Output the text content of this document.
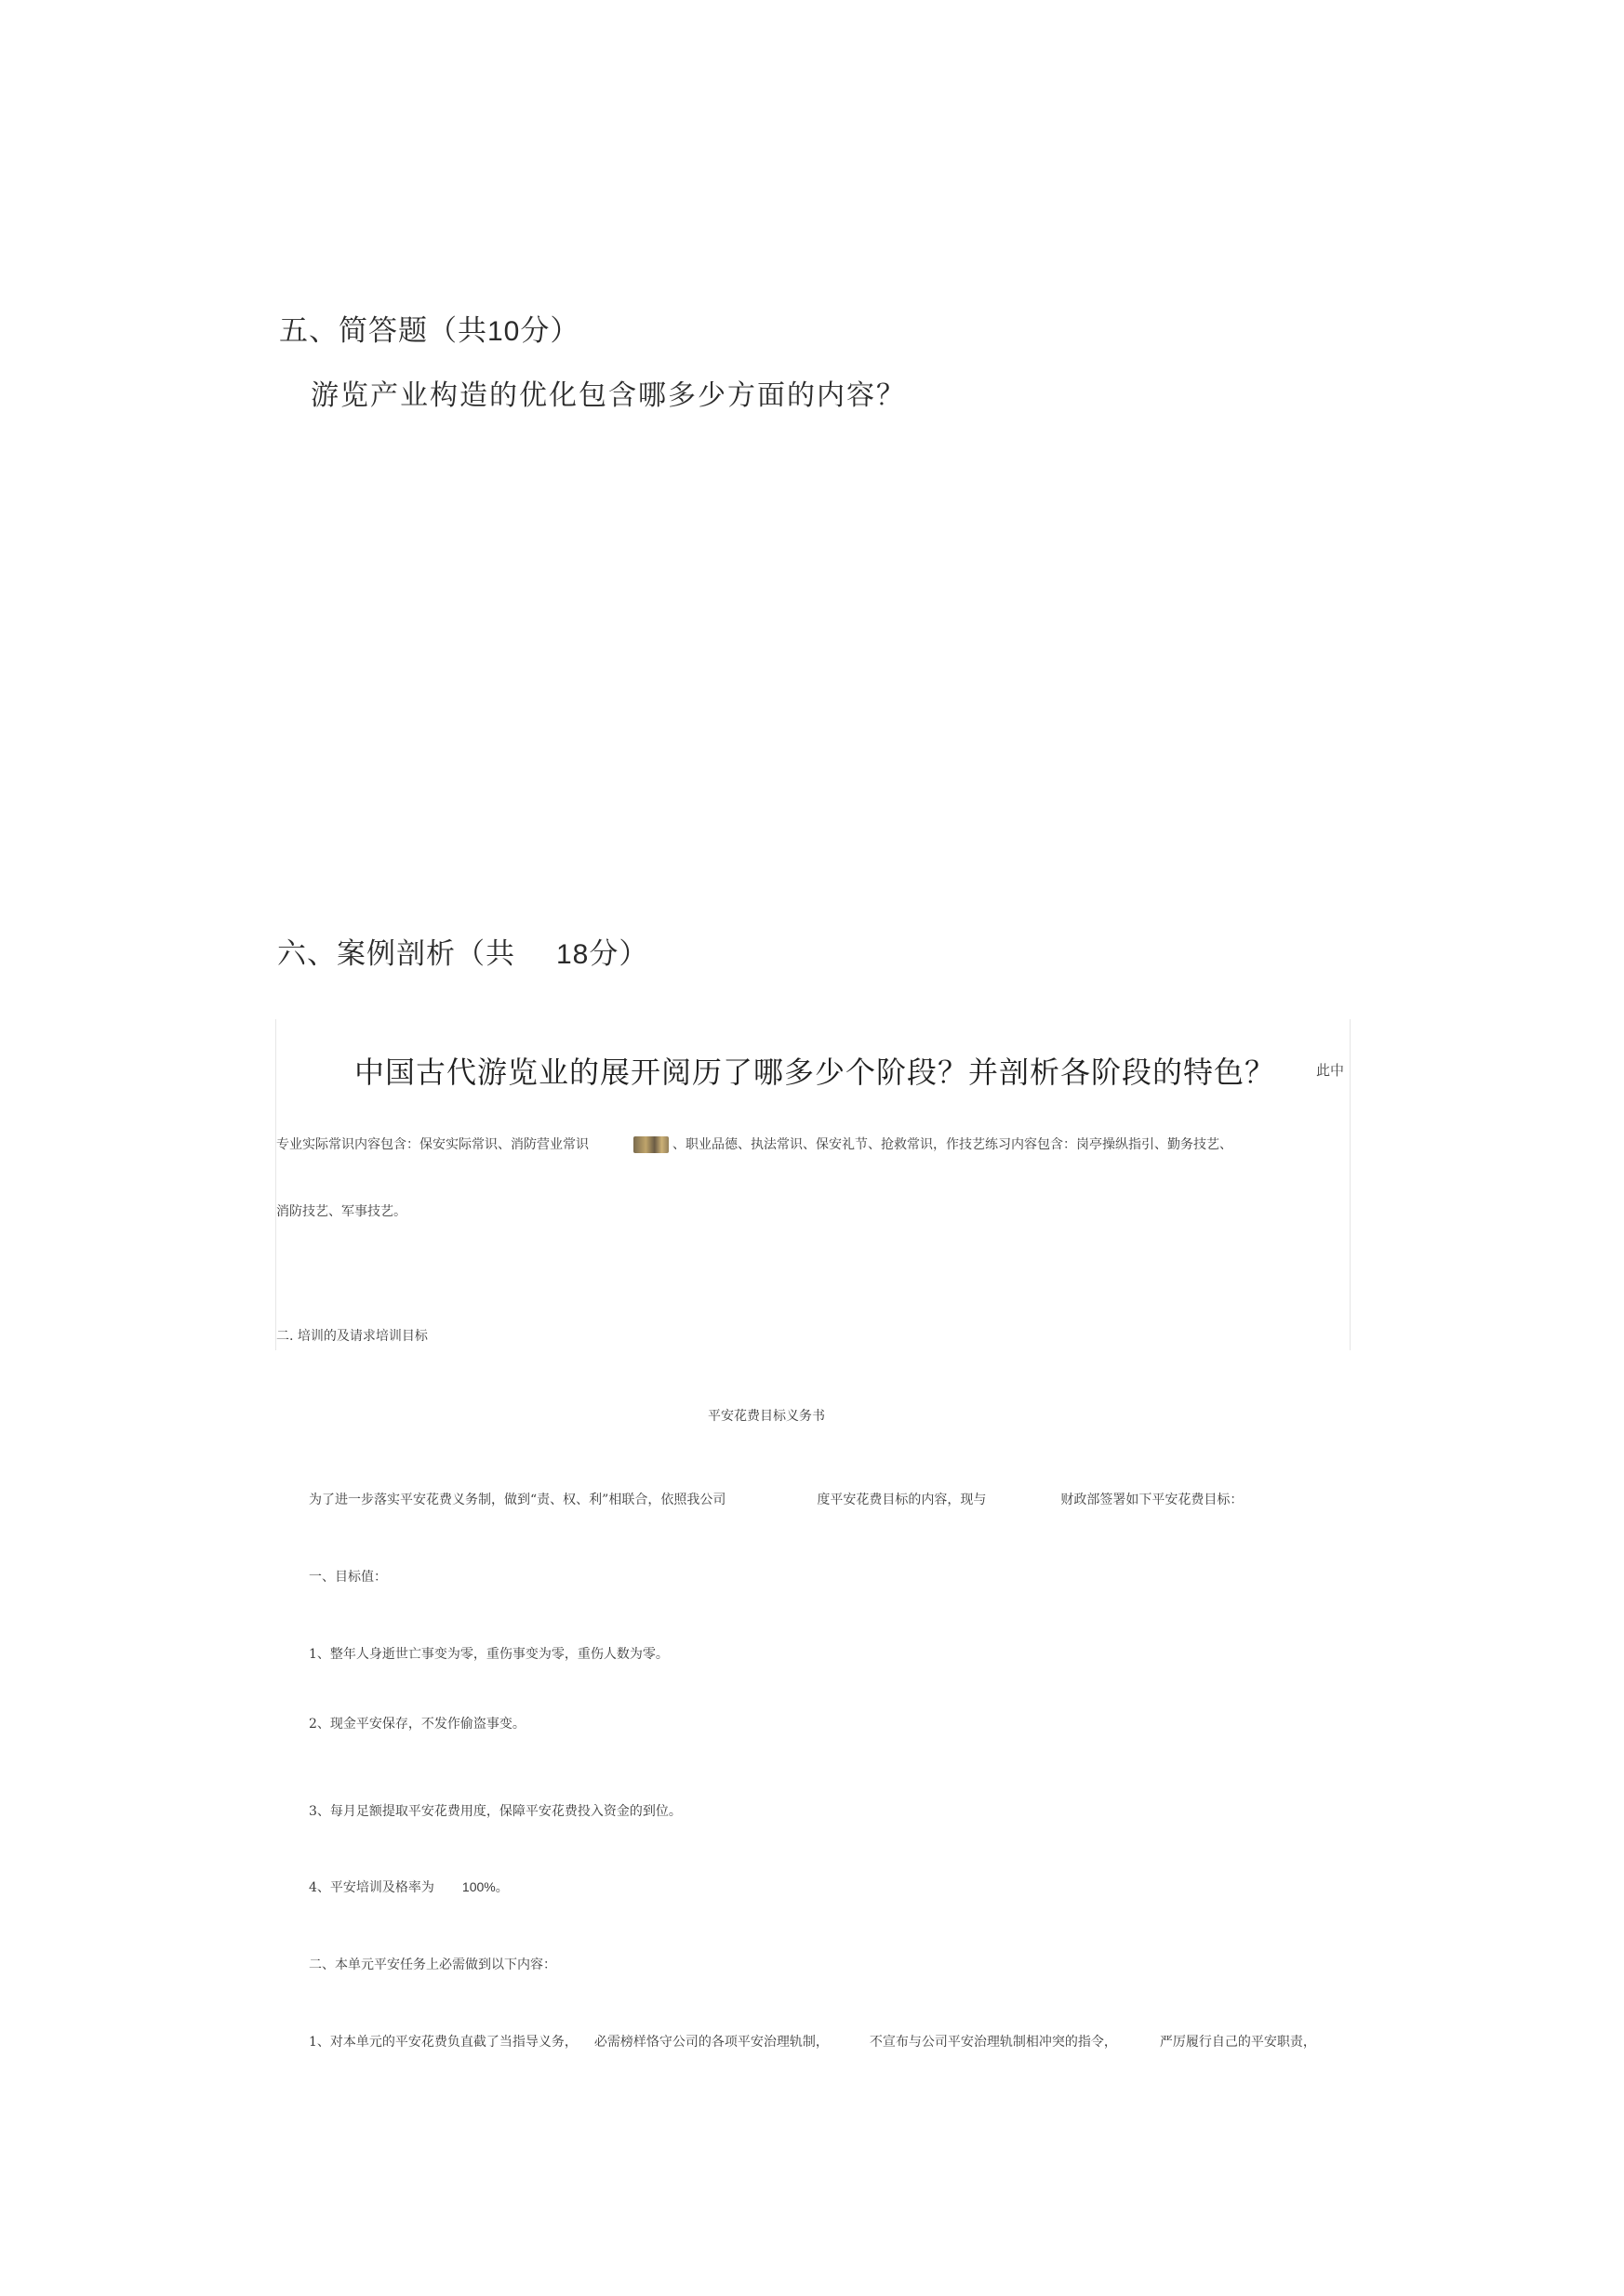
五、简答题（共10分）
游览产业构造的优化包含哪多少方面的内容？
六、案例剖析（共 18分）
中国古代游览业的展开阅历了哪多少个阶段？并剖析各阶段的特色？	此中
专业实际常识内容包含：保安实际常识、消防营业常识	、职业品德、执法常识、保安礼节、抢救常识，作技艺练习内容包含：岗亭操纵指引、勤务技艺、
消防技艺、军事技艺。
二. 培训的及请求培训目标
平安花费目标义务书
为了进一步落实平安花费义务制，做到“责、权、利”相联合，依照我公司	度平安花费目标的内容，现与	财政部签署如下平安花费目标：
一、目标值：
1、整年人身逝世亡事变为零，重伤事变为零，重伤人数为零。
2、现金平安保存，不发作偷盗事变。
3、每月足额提取平安花费用度，保障平安花费投入资金的到位。
4、平安培训及格率为 100%。
二、本单元平安任务上必需做到以下内容：
1、对本单元的平安花费负直截了当指导义务， 必需榜样恪守公司的各项平安治理轨制，	不宣布与公司平安治理轨制相冲突的指令，	严厉履行自己的平安职责，
